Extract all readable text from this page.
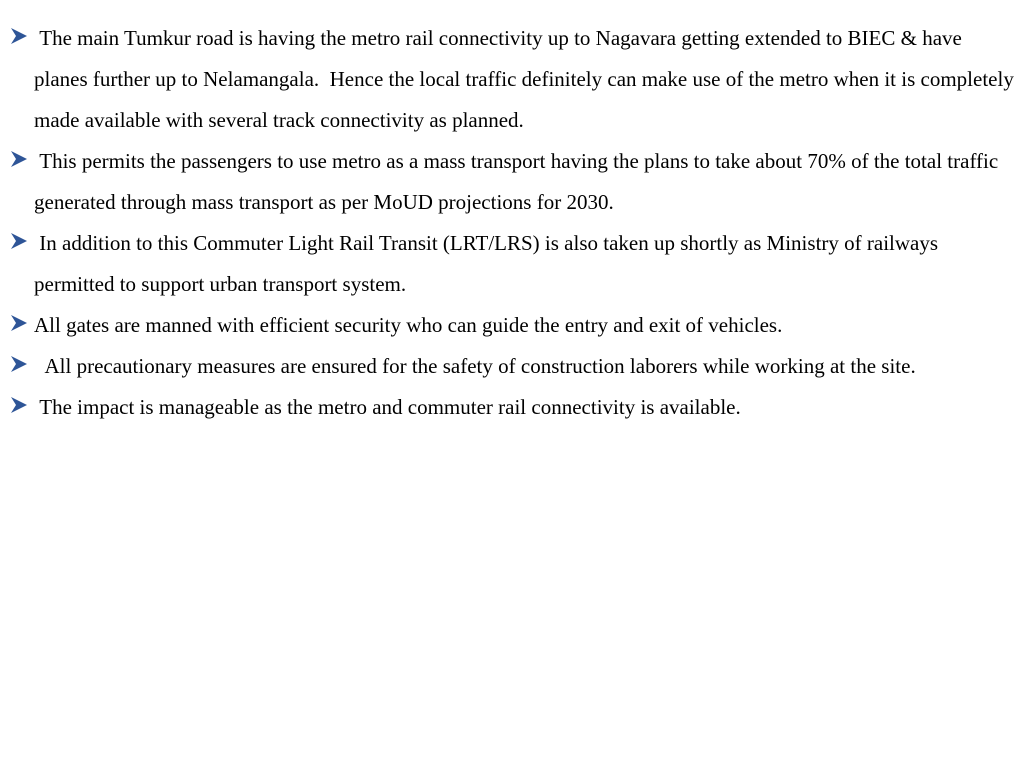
The main Tumkur road is having the metro rail connectivity up to Nagavara getting extended to BIEC & have planes further up to Nelamangala.  Hence the local traffic definitely can make use of the metro when it is completely made available with several track connectivity as planned.
This permits the passengers to use metro as a mass transport having the plans to take about 70% of the total traffic generated through mass transport as per MoUD projections for 2030.
In addition to this Commuter Light Rail Transit (LRT/LRS) is also taken up shortly as Ministry of railways permitted to support urban transport system.
All gates are manned with efficient security who can guide the entry and exit of vehicles.
All precautionary measures are ensured for the safety of construction laborers while working at the site.
The impact is manageable as the metro and commuter rail connectivity is available.
